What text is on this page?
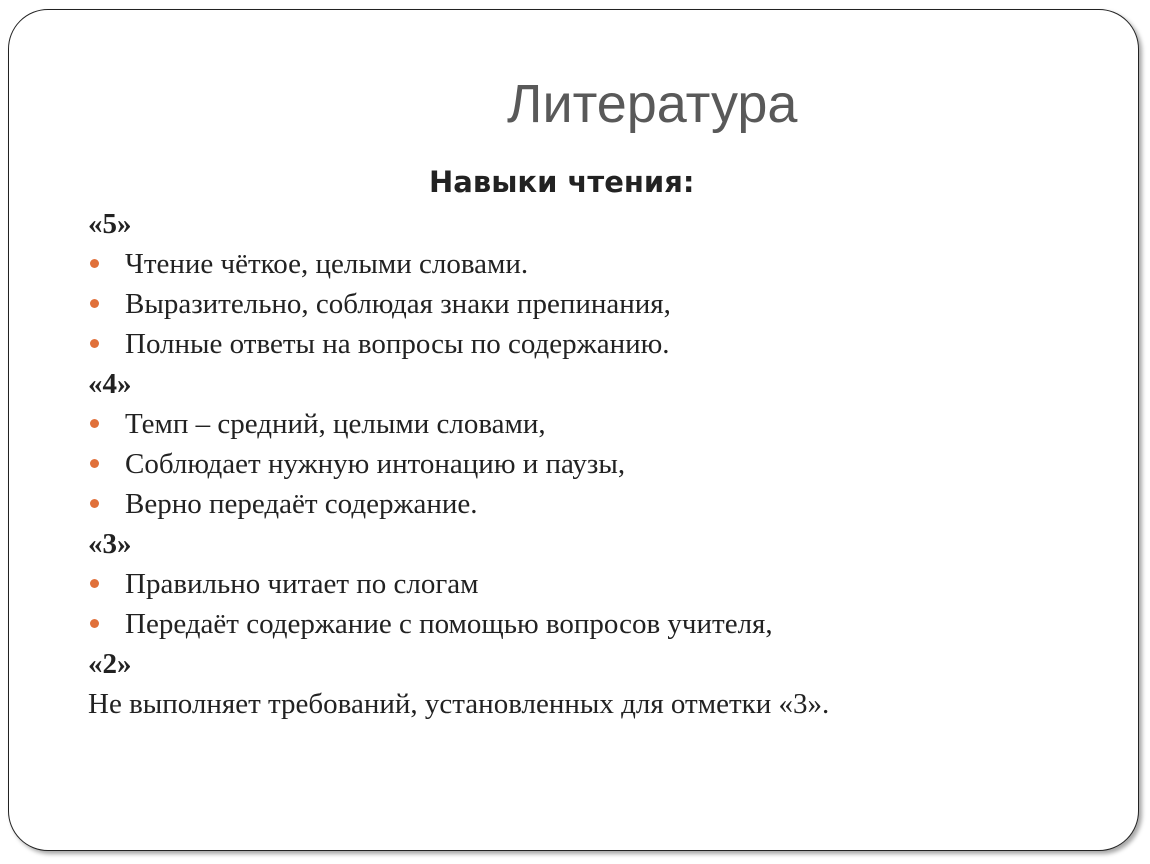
Литература
Навыки чтения:
«5»
Чтение чёткое, целыми словами.
Выразительно, соблюдая знаки препинания,
Полные ответы на вопросы по содержанию.
«4»
Темп – средний, целыми словами,
Соблюдает нужную интонацию и паузы,
Верно передаёт содержание.
«3»
Правильно читает по слогам
Передаёт содержание с помощью вопросов учителя,
«2»
Не выполняет требований, установленных для отметки «3».
